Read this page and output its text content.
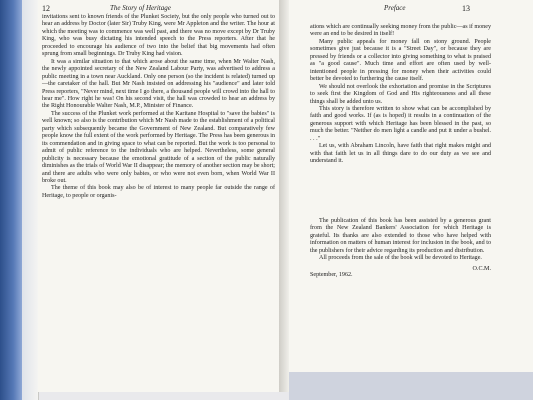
12	The Story of Heritage

invitations sent to known friends of the Plunket Society, but the only people who turned out to hear an address by Doctor (later Sir) Truby King, were Mr Appleton and the writer. The hour at which the meeting was to commence was well past, and there was no move except by Dr Truby King, who was busy dictating his intended speech to the Press reporters. After that he proceeded to encourage his audience of two into the belief that big movements had often sprung from small beginnings. Dr Truby King had vision.

It was a similar situation to that which arose about the same time, when Mr Walter Nash, the newly appointed secretary of the New Zealand Labour Party, was advertised to address a public meeting in a town near Auckland. Only one person (so the incident is related) turned up—the caretaker of the hall. But Mr Nash insisted on addressing his "audience" and later told Press reporters, "Never mind, next time I go there, a thousand people will crowd into the hall to hear me". How right he was! On his second visit, the hall was crowded to hear an address by the Right Honourable Walter Nash, M.P., Minister of Finance.

The success of the Plunket work performed at the Karitane Hospital to "save the babies" is well known; so also is the contribution which Mr Nash made to the establishment of a political party which subsequently became the Government of New Zealand. But comparatively few people know the full extent of the work performed by Heritage. The Press has been generous in its commendation and in giving space to what can be reported. But the work is too personal to admit of public reference to the individuals who are helped. Nevertheless, some general publicity is necessary because the emotional gratitude of a section of the public naturally diminishes as the trials of World War II disappear; the memory of another section may be short; and there are adults who were only babies, or who were not even born, when World War II broke out.

The theme of this book may also be of interest to many people far outside the range of Heritage, to people or organis-

Preface	13

ations which are continually seeking money from the public—as if money were an end to be desired in itself!

Many public appeals for money fall on stony ground. People sometimes give just because it is a "Street Day", or because they are pressed by friends or a collector into giving something to what is praised as "a good cause". Much time and effort are often used by well-intentioned people in pressing for money when their activities could better be devoted to furthering the cause itself.

We should not overlook the exhortation and promise in the Scriptures to seek first the Kingdom of God and His righteousness and all these things shall be added unto us.

This story is therefore written to show what can be accomplished by faith and good works. If (as is hoped) it results in a continuation of the generous support with which Heritage has been blessed in the past, so much the better. "Neither do men light a candle and put it under a bushel. . . ."

Let us, with Abraham Lincoln, have faith that right makes might and with that faith let us in all things dare to do our duty as we see and understand it.

The publication of this book has been assisted by a generous grant from the New Zealand Bankers' Association for which Heritage is grateful. Its thanks are also extended to those who have helped with information on matters of human interest for inclusion in the book, and to the publishers for their advice regarding its production and distribution.

All proceeds from the sale of the book will be devoted to Heritage.

September, 1962.
O.C.M.
